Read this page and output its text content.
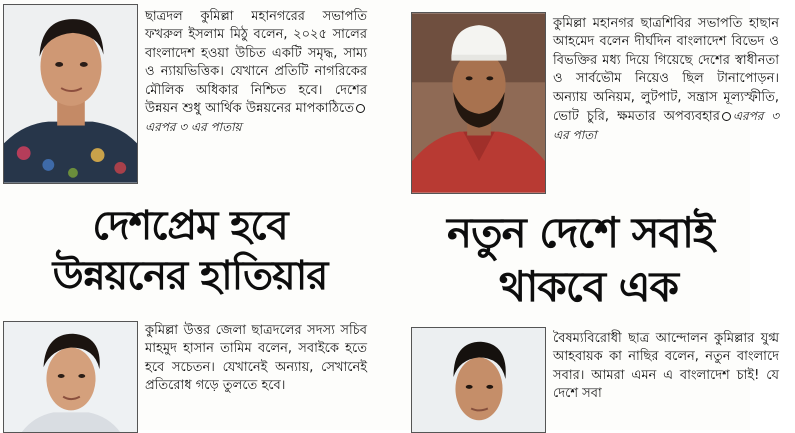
ছাত্রদল কুমিল্লা মহানগরের সভাপতি ফখরুল ইসলাম মিঠু বলেন, ২০২৫ সালের বাংলাদেশ হওয়া উচিত একটি সমৃদ্ধ, সাম্য ও ন্যায়ভিত্তিক। যেখানে প্রতিটি নাগরিকের মৌলিক অধিকার নিশ্চিত হবে। দেশের উন্নয়ন শুধু আর্থিক উন্নয়নের মাপকাঠিতেএরপর ৩ এর পাতায়
দেশপ্রেম হবে
উন্নয়নের হাতিয়ার
কুমিল্লা উত্তর জেলা ছাত্রদলের সদস্য সচিব মাহমুদ হাসান তামিম বলেন, সবাইকে হতে হবে সচেতন। যেখানেই অন্যায়, সেখানেই প্রতিরোধ গড়ে তুলতে হবে।
কুমিল্লা মহানগর ছাত্রশিবির সভাপতি হাছান আহমেদ বলেন দীর্ঘদিন বাংলাদেশ বিভেদ ও বিভক্তির মধ্য দিয়ে গিয়েছে দেশের স্বাধীনতা ও সার্বভৌম নিয়েও ছিল টানাপোড়ন। অন্যায় অনিয়ম, লুটপাট, সন্ত্রাস মূল্যস্ফীতি, ভোট চুরি, ক্ষমতার অপব্যবহার এরপর ৩ এর পাতা
নতুন দেশে সবাই
থাকবে এক
বৈষম্যবিরোধী ছাত্র আন্দোলন কুমিল্লার যুগ্ম আহবায়ক কা নাছির বলেন, নতুন বাংলাদে সবার। আমরা এমন এ বাংলাদেশ চাই! যে দেশে সবা
